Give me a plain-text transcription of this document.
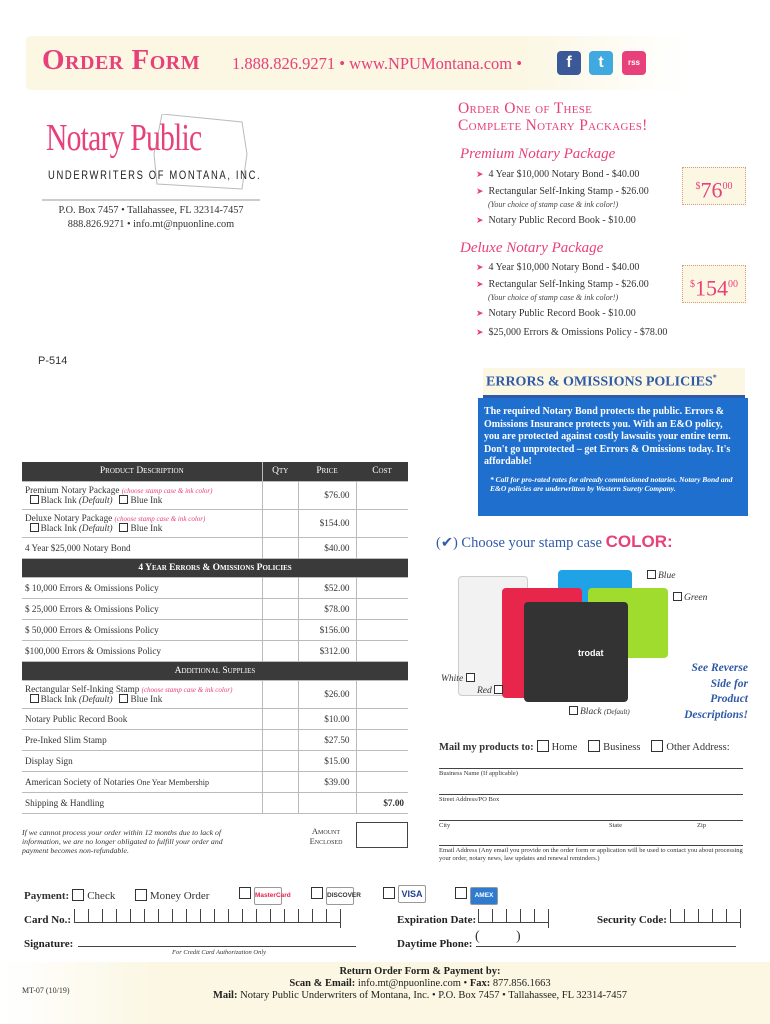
Order Form 1.888.826.9271 • www.NPUMontana.com •	f	t	rss
Notary Public
UNDERWRITERS OF MONTANA, INC.
P.O. Box 7457 • Tallahassee, FL 32314-7457
888.826.9271 • info.mt@npuonline.com
Order One of These
Complete Notary Packages!
Premium Notary Package
➤ 4 Year $10,000 Notary Bond - $40.00
➤ Rectangular Self-Inking Stamp - $26.00
(Your choice of stamp case & ink color!)
➤ Notary Public Record Book - $10.00
$^{\$}76^{00}$
Deluxe Notary Package
➤ 4 Year $10,000 Notary Bond - $40.00
➤ Rectangular Self-Inking Stamp - $26.00
(Your choice of stamp case & ink color!)
➤ Notary Public Record Book - $10.00
➤ $25,000 Errors & Omissions Policy - $78.00
$^{\$}154^{00}$
P-514
ERRORS & OMISSIONS POLICIES*
The required Notary Bond protects the public. Errors & Omissions Insurance protects you. With an E&O policy, you are protected against costly lawsuits your entire term. Don't go unprotected – get Errors & Omissions today. It's affordable!
* Call for pro-rated rates for already commissioned notaries. Notary Bond and E&O policies are underwritten by Western Surety Company.
Product Description	Qty	Price	Cost
Premium Notary Package (choose stamp case & ink color)
Black Ink (Default) Blue Ink		$76.00	
Deluxe Notary Package (choose stamp case & ink color)
Black Ink (Default) Blue Ink		$154.00	
4 Year $25,000 Notary Bond		$40.00	
4 Year Errors & Omissions Policies			
$ 10,000 Errors & Omissions Policy		$52.00	
$ 25,000 Errors & Omissions Policy		$78.00	
$ 50,000 Errors & Omissions Policy		$156.00	
$100,000 Errors & Omissions Policy		$312.00	
Additional Supplies			
Rectangular Self-Inking Stamp (choose stamp case & ink color)
Black Ink (Default) Blue Ink		$26.00	
Notary Public Record Book		$10.00	
Pre-Inked Slim Stamp		$27.50	
Display Sign		$15.00	
American Society of Notaries One Year Membership		$39.00	
Shipping & Handling			$7.00
If we cannot process your order within 12 months due to lack of information, we are no longer obligated to fulfill your order and payment becomes non-refundable.
Amount Enclosed
(✔) Choose your stamp case COLOR:
trodat
Blue
Green
White
Red
Black (Default)
See Reverse Side for Product Descriptions!
Mail my products to: Home Business Other Address:
Business Name (If applicable)
Street Address/PO Box
City	State	Zip
Email Address (Any email you provide on the order form or application will be used to contact you about processing your order, notary news, law updates and renewal reminders.)
Payment: Check	Money Order	MasterCard	DISCOVER	VISA	AMEX
Card No.:	Expiration Date:	Security Code:
Signature:
For Credit Card Authorization Only
Daytime Phone: (	)
MT-07 (10/19)
Return Order Form & Payment by:
Scan & Email: info.mt@npuonline.com • Fax: 877.856.1663
Mail: Notary Public Underwriters of Montana, Inc. • P.O. Box 7457 • Tallahassee, FL 32314-7457
